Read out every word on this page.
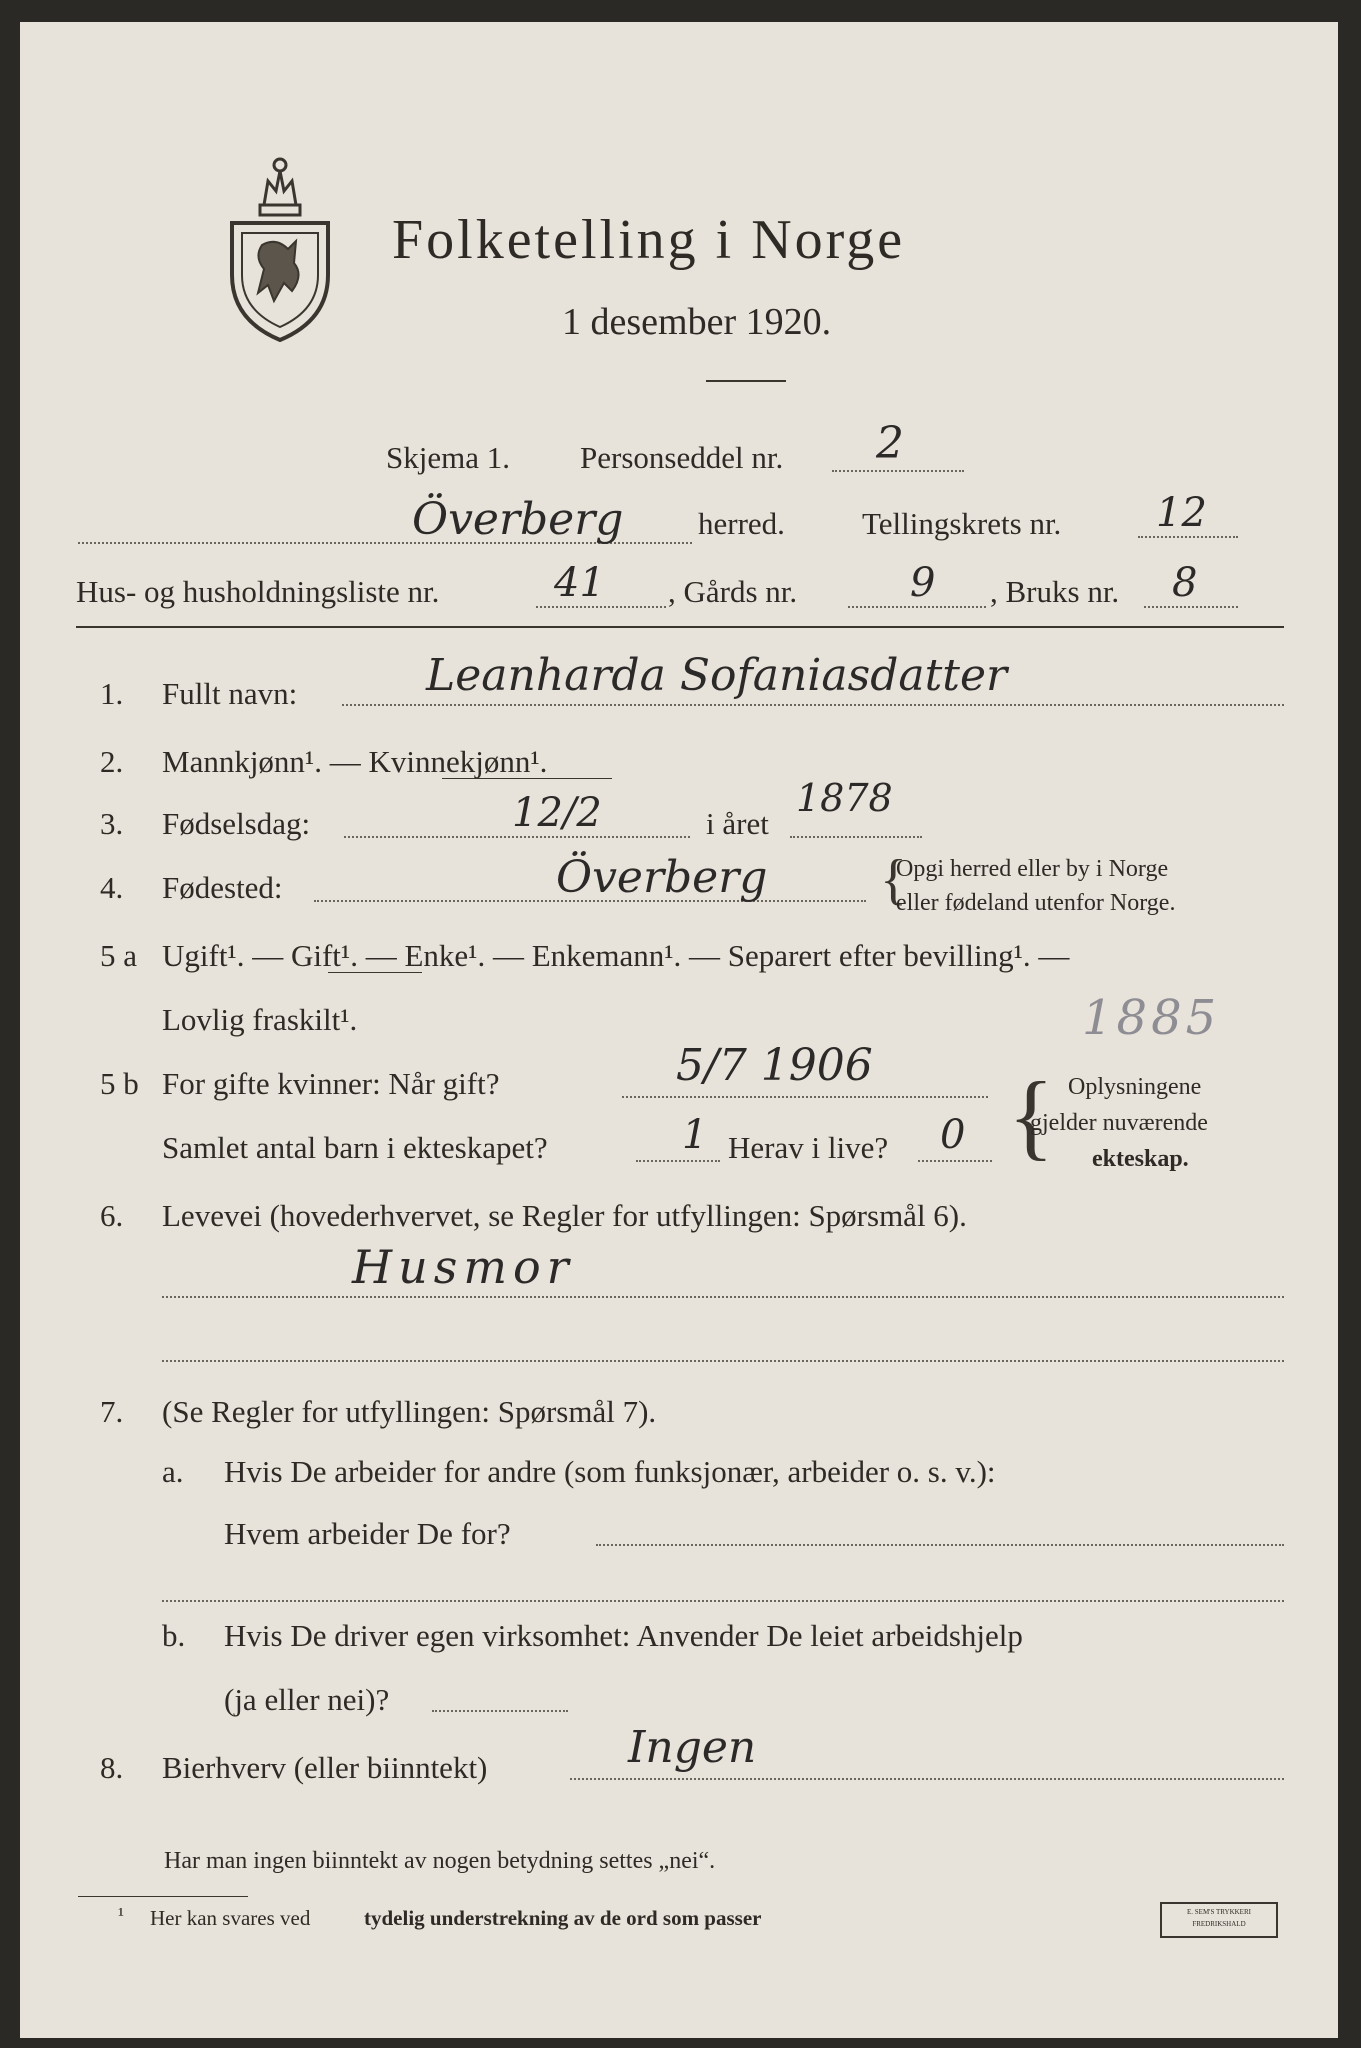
Folketelling i Norge
1 desember 1920.
Skjema 1. Personseddel nr. 2
Överberg herred. Tellingskrets nr. 12
Hus- og husholdningsliste nr.	41 , Gårds nr.	9 , Bruks nr. 8
1. Fullt navn:	Leanharda Sofaniasdatter
2. Mannkjønn¹. — Kvinnekjønn¹.
3. Fødselsdag:	12/2	i året
1878
4. Fødested:	Överberg {
Opgi herred eller by i Norge
eller fødeland utenfor Norge.
5 a Ugift¹. — Gift¹. — Enke¹. — Enkemann¹. — Separert efter bevilling¹. —
Lovlig fraskilt¹.	1885
5 b For gifte kvinner: Når gift?	5/7 1906
Samlet antal barn i ekteskapet?	1 Herav i live? 0 { Oplysningene
gjelder nuværende
ekteskap.
6. Levevei (hovederhvervet, se Regler for utfyllingen: Spørsmål 6).
Husmor
7. (Se Regler for utfyllingen: Spørsmål 7).
a. Hvis De arbeider for andre (som funksjonær, arbeider o. s. v.):
Hvem arbeider De for?
b. Hvis De driver egen virksomhet: Anvender De leiet arbeidshjelp
(ja eller nei)?
8. Bierhverv (eller biinntekt)	Ingen
Har man ingen biinntekt av nogen betydning settes „nei“.
¹ Her kan svares ved	tydelig understrekning av de ord som passer	E. SEM'S TRYKKERI
FREDRIKSHALD
